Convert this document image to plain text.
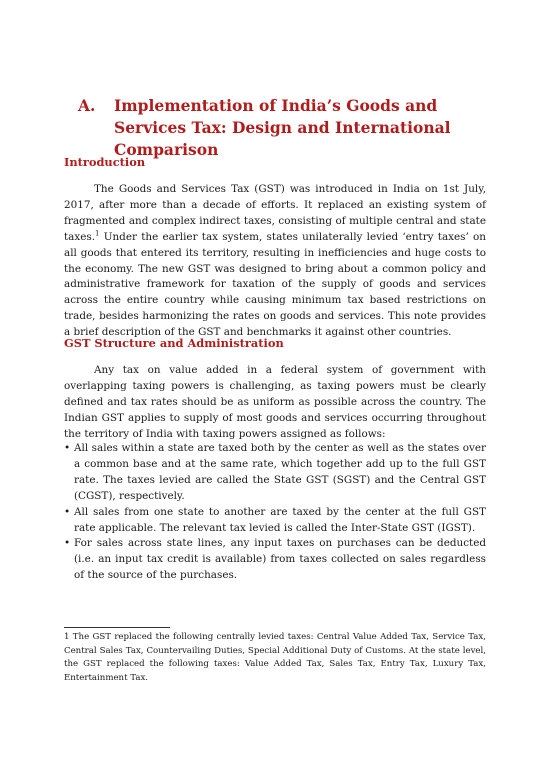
A. Implementation of India’s Goods and Services Tax: Design and International Comparison
Introduction

The Goods and Services Tax (GST) was introduced in India on 1st July, 2017, after more than a decade of efforts. It replaced an existing system of fragmented and complex indirect taxes, consisting of multiple central and state taxes.$^1$ Under the earlier tax system, states unilaterally levied ‘entry taxes’ on all goods that entered its territory, resulting in inefficiencies and huge costs to the economy. The new GST was designed to bring about a common policy and administrative framework for taxation of the supply of goods and services across the entire country while causing minimum tax based restrictions on trade, besides harmonizing the rates on goods and services. This note provides a brief description of the GST and benchmarks it against other countries.

GST Structure and Administration

Any tax on value added in a federal system of government with overlapping taxing powers is challenging, as taxing powers must be clearly defined and tax rates should be as uniform as possible across the country. The Indian GST applies to supply of most goods and services occurring throughout the territory of India with taxing powers assigned as follows:

• All sales within a state are taxed both by the center as well as the states over a common base and at the same rate, which together add up to the full GST rate. The taxes levied are called the State GST (SGST) and the Central GST (CGST), respectively.
• All sales from one state to another are taxed by the center at the full GST rate applicable. The relevant tax levied is called the Inter-State GST (IGST).
• For sales across state lines, any input taxes on purchases can be deducted (i.e. an input tax credit is available) from taxes collected on sales regardless of the source of the purchases.

1 The GST replaced the following centrally levied taxes: Central Value Added Tax, Service Tax, Central Sales Tax, Countervailing Duties, Special Additional Duty of Customs. At the state level, the GST replaced the following taxes: Value Added Tax, Sales Tax, Entry Tax, Luxury Tax, Entertainment Tax.
